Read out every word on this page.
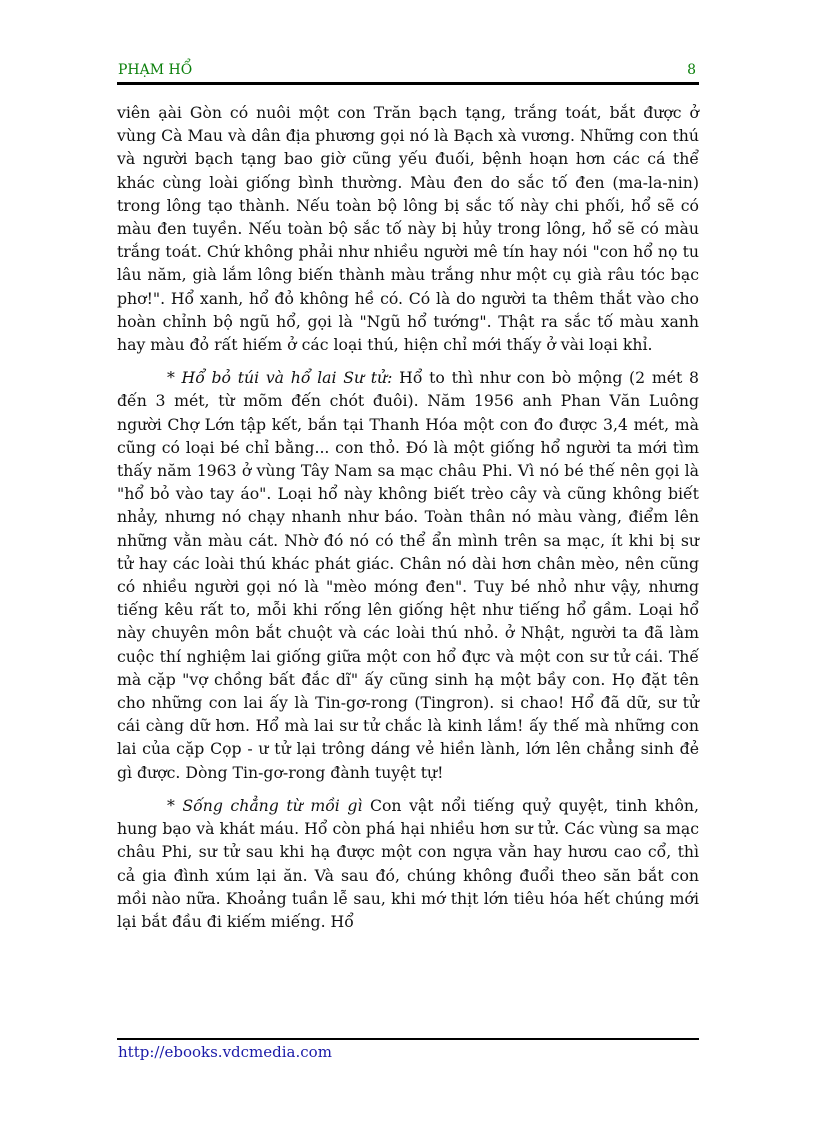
PHẠM HỔ	8

viên ạài Gòn có nuôi một con Trăn bạch tạng, trắng toát, bắt được ở vùng Cà Mau và dân địa phương gọi nó là Bạch xà vương. Những con thú và người bạch tạng bao giờ cũng yếu đuối, bệnh hoạn hơn các cá thể khác cùng loài giống bình thường. Màu đen do sắc tố đen (ma-la-nin) trong lông tạo thành. Nếu toàn bộ lông bị sắc tố này chi phối, hổ sẽ có màu đen tuyền. Nếu toàn bộ sắc tố này bị hủy trong lông, hổ sẽ có màu trắng toát. Chứ không phải như nhiều người mê tín hay nói "con hổ nọ tu lâu năm, già lắm lông biến thành màu trắng như một cụ già râu tóc bạc phơ!". Hổ xanh, hổ đỏ không hề có. Có là do người ta thêm thắt vào cho hoàn chỉnh bộ ngũ hổ, gọi là "Ngũ hổ tướng". Thật ra sắc tố màu xanh hay màu đỏ rất hiếm ở các loại thú, hiện chỉ mới thấy ở vài loại khỉ.

* Hổ bỏ túi và hổ lai Sư tử: Hổ to thì như con bò mộng (2 mét 8 đến 3 mét, từ mõm đến chót đuôi). Năm 1956 anh Phan Văn Luông người Chợ Lớn tập kết, bắn tại Thanh Hóa một con đo được 3,4 mét, mà cũng có loại bé chỉ bằng... con thỏ. Đó là một giống hổ người ta mới tìm thấy năm 1963 ở vùng Tây Nam sa mạc châu Phi. Vì nó bé thế nên gọi là "hổ bỏ vào tay áo". Loại hổ này không biết trèo cây và cũng không biết nhảy, nhưng nó chạy nhanh như báo. Toàn thân nó màu vàng, điểm lên những vằn màu cát. Nhờ đó nó có thể ẩn mình trên sa mạc, ít khi bị sư tử hay các loài thú khác phát giác. Chân nó dài hơn chân mèo, nên cũng có nhiều người gọi nó là "mèo móng đen". Tuy bé nhỏ như vậy, nhưng tiếng kêu rất to, mỗi khi rống lên giống hệt như tiếng hổ gầm. Loại hổ này chuyên môn bắt chuột và các loài thú nhỏ. ở Nhật, người ta đã làm cuộc thí nghiệm lai giống giữa một con hổ đực và một con sư tử cái. Thế mà cặp "vợ chồng bất đắc dĩ" ấy cũng sinh hạ một bầy con. Họ đặt tên cho những con lai ấy là Tin-gơ-rong (Tingron). si chao! Hổ đã dữ, sư tử cái càng dữ hơn. Hổ mà lai sư tử chắc là kinh lắm! ấy thế mà những con lai của cặp Cọp - ư tử lại trông dáng vẻ hiền lành, lớn lên chẳng sinh đẻ gì được. Dòng Tin-gơ-rong đành tuyệt tự!

* Sống chẳng từ mồi gì Con vật nổi tiếng quỷ quyệt, tinh khôn, hung bạo và khát máu. Hổ còn phá hại nhiều hơn sư tử. Các vùng sa mạc châu Phi, sư tử sau khi hạ được một con ngựa vằn hay hươu cao cổ, thì cả gia đình xúm lại ăn. Và sau đó, chúng không đuổi theo săn bắt con mồi nào nữa. Khoảng tuần lễ sau, khi mớ thịt lớn tiêu hóa hết chúng mới lại bắt đầu đi kiếm miếng. Hổ

http://ebooks.vdcmedia.com
